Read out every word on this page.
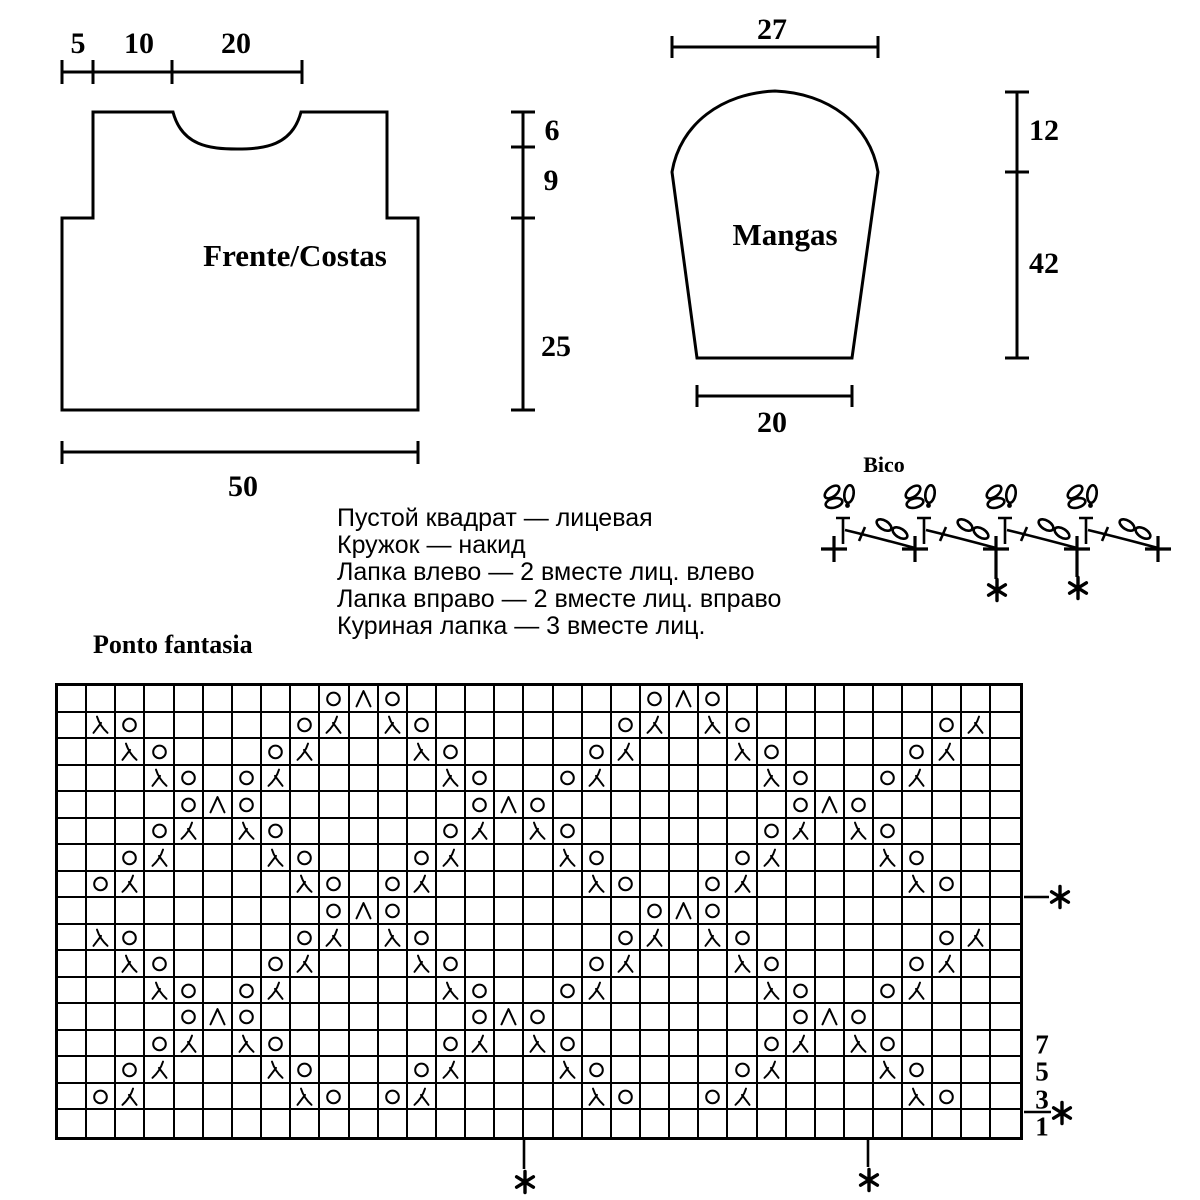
5 10 20
6
9
25
50
Frente/Costas
27
12
42
20
Mangas
Пустой квадрат — лицевая
Кружок — накид
Лапка влево — 2 вместе лиц. влево
Лапка вправо — 2 вместе лиц. вправо
Куриная лапка — 3 вместе лиц.
Bico
Ponto fantasia
7
5
3
1
